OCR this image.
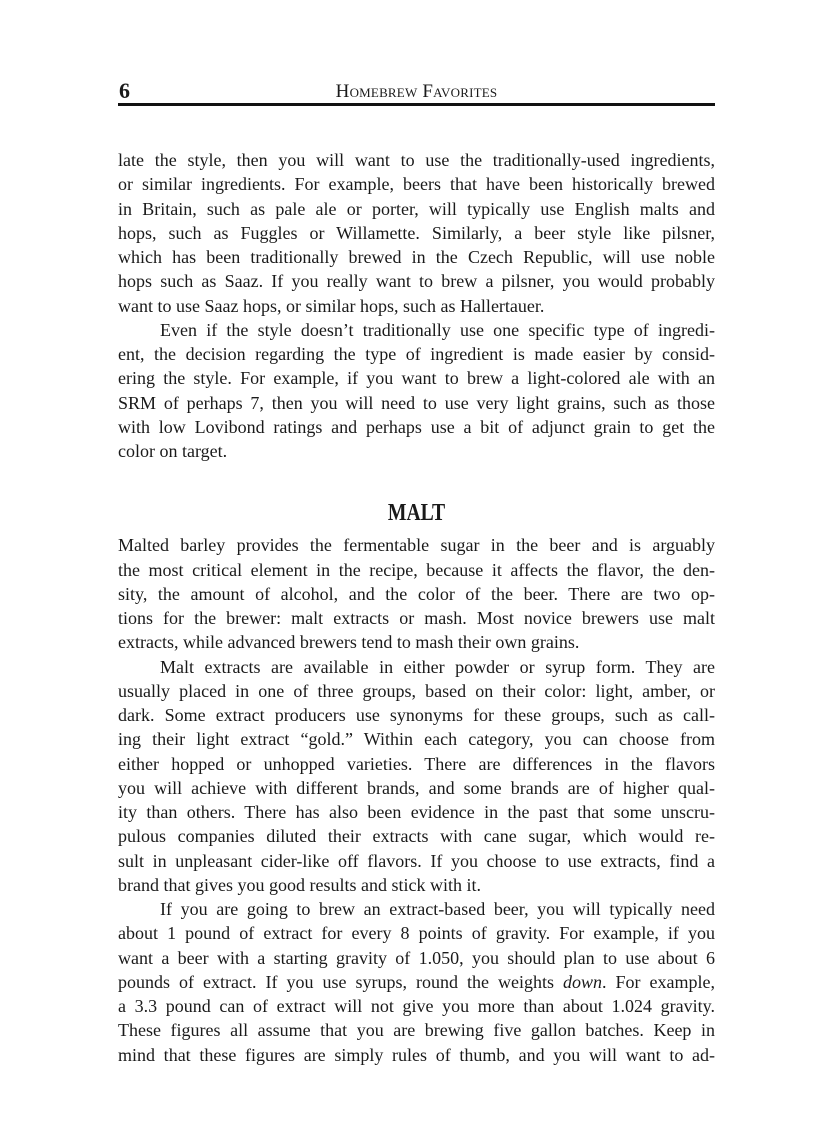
6	Homebrew Favorites
late the style, then you will want to use the traditionally-used ingredients,
or similar ingredients. For example, beers that have been historically brewed
in Britain, such as pale ale or porter, will typically use English malts and
hops, such as Fuggles or Willamette. Similarly, a beer style like pilsner,
which has been traditionally brewed in the Czech Republic, will use noble
hops such as Saaz. If you really want to brew a pilsner, you would probably
want to use Saaz hops, or similar hops, such as Hallertauer.
Even if the style doesn’t traditionally use one specific type of ingredi-
ent, the decision regarding the type of ingredient is made easier by consid-
ering the style. For example, if you want to brew a light-colored ale with an
SRM of perhaps 7, then you will need to use very light grains, such as those
with low Lovibond ratings and perhaps use a bit of adjunct grain to get the
color on target.
MALT
Malted barley provides the fermentable sugar in the beer and is arguably
the most critical element in the recipe, because it affects the flavor, the den-
sity, the amount of alcohol, and the color of the beer. There are two op-
tions for the brewer: malt extracts or mash. Most novice brewers use malt
extracts, while advanced brewers tend to mash their own grains.
Malt extracts are available in either powder or syrup form. They are
usually placed in one of three groups, based on their color: light, amber, or
dark. Some extract producers use synonyms for these groups, such as call-
ing their light extract “gold.” Within each category, you can choose from
either hopped or unhopped varieties. There are differences in the flavors
you will achieve with different brands, and some brands are of higher qual-
ity than others. There has also been evidence in the past that some unscru-
pulous companies diluted their extracts with cane sugar, which would re-
sult in unpleasant cider-like off flavors. If you choose to use extracts, find a
brand that gives you good results and stick with it.
If you are going to brew an extract-based beer, you will typically need
about 1 pound of extract for every 8 points of gravity. For example, if you
want a beer with a starting gravity of 1.050, you should plan to use about 6
pounds of extract. If you use syrups, round the weights down. For example,
a 3.3 pound can of extract will not give you more than about 1.024 gravity.
These figures all assume that you are brewing five gallon batches. Keep in
mind that these figures are simply rules of thumb, and you will want to ad-
